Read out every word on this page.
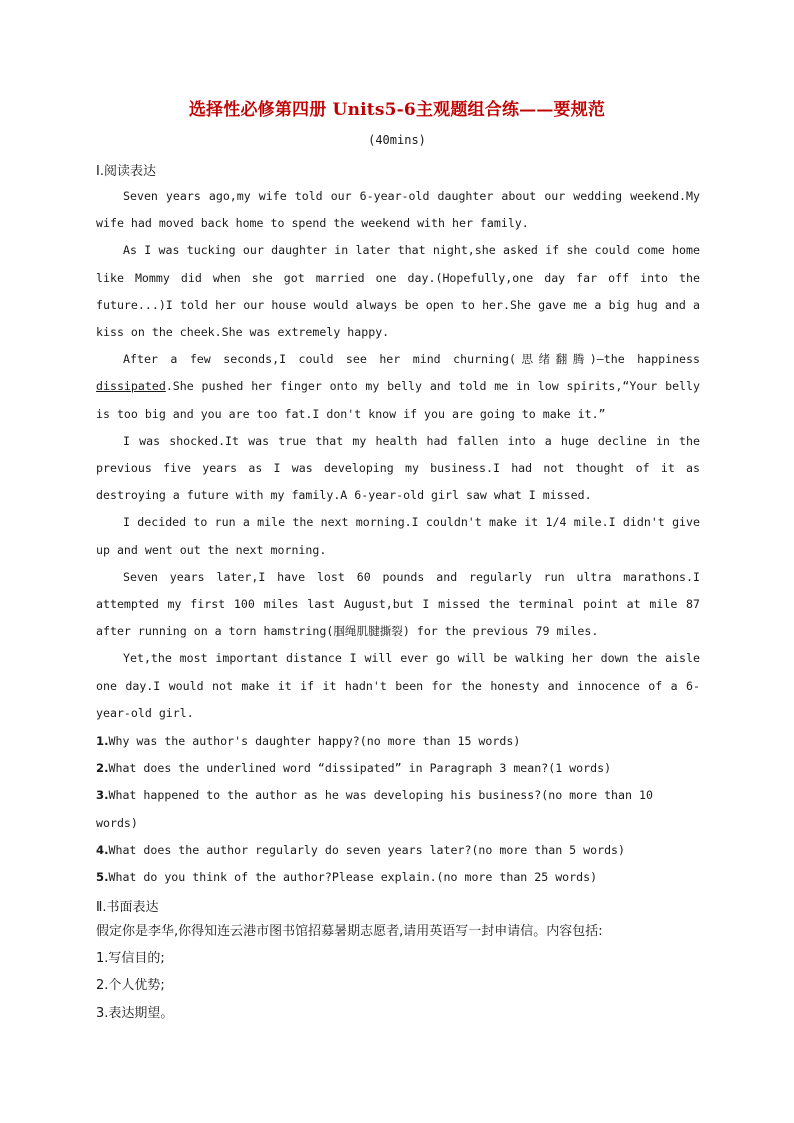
选择性必修第四册 Units5-6主观题组合练——要规范
(40mins)
Ⅰ.阅读表达

Seven years ago,my wife told our 6-year-old daughter about our wedding weekend.My wife had moved back home to spend the weekend with her family.

As I was tucking our daughter in later that night,she asked if she could come home like Mommy did when she got married one day.(Hopefully,one day far off into the future...)I told her our house would always be open to her.She gave me a big hug and a kiss on the cheek.She was extremely happy.

After a few seconds,I could see her mind churning(思绪翻腾)—the happiness dissipated.She pushed her finger onto my belly and told me in low spirits,“Your belly is too big and you are too fat.I don't know if you are going to make it.”

I was shocked.It was true that my health had fallen into a huge decline in the previous five years as I was developing my business.I had not thought of it as destroying a future with my family.A 6-year-old girl saw what I missed.

I decided to run a mile the next morning.I couldn't make it 1/4 mile.I didn't give up and went out the next morning.

Seven years later,I have lost 60 pounds and regularly run ultra marathons.I attempted my first 100 miles last August,but I missed the terminal point at mile 87 after running on a torn hamstring(腘绳肌腱撕裂) for the previous 79 miles.

Yet,the most important distance I will ever go will be walking her down the aisle one day.I would not make it if it hadn't been for the honesty and innocence of a 6-year-old girl.

1.Why was the author's daughter happy?(no more than 15 words)
2.What does the underlined word “dissipated” in Paragraph 3 mean?(1 words)
3.What happened to the author as he was developing his business?(no more than 10 words)
4.What does the author regularly do seven years later?(no more than 5 words)
5.What do you think of the author?Please explain.(no more than 25 words)
Ⅱ.书面表达
假定你是李华,你得知连云港市图书馆招募暑期志愿者,请用英语写一封申请信。内容包括:
1.写信目的;
2.个人优势;
3.表达期望。
